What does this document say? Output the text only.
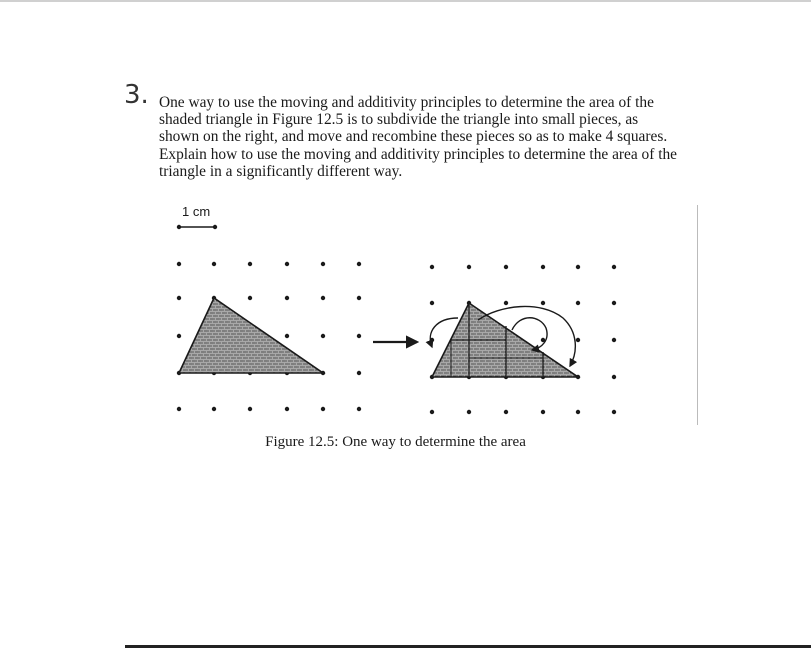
3. One way to use the moving and additivity principles to determine the area of the shaded triangle in Figure 12.5 is to subdivide the triangle into small pieces, as shown on the right, and move and recombine these pieces so as to make 4 squares. Explain how to use the moving and additivity principles to determine the area of the triangle in a significantly different way.

1 cm
Figure 12.5: One way to determine the area
